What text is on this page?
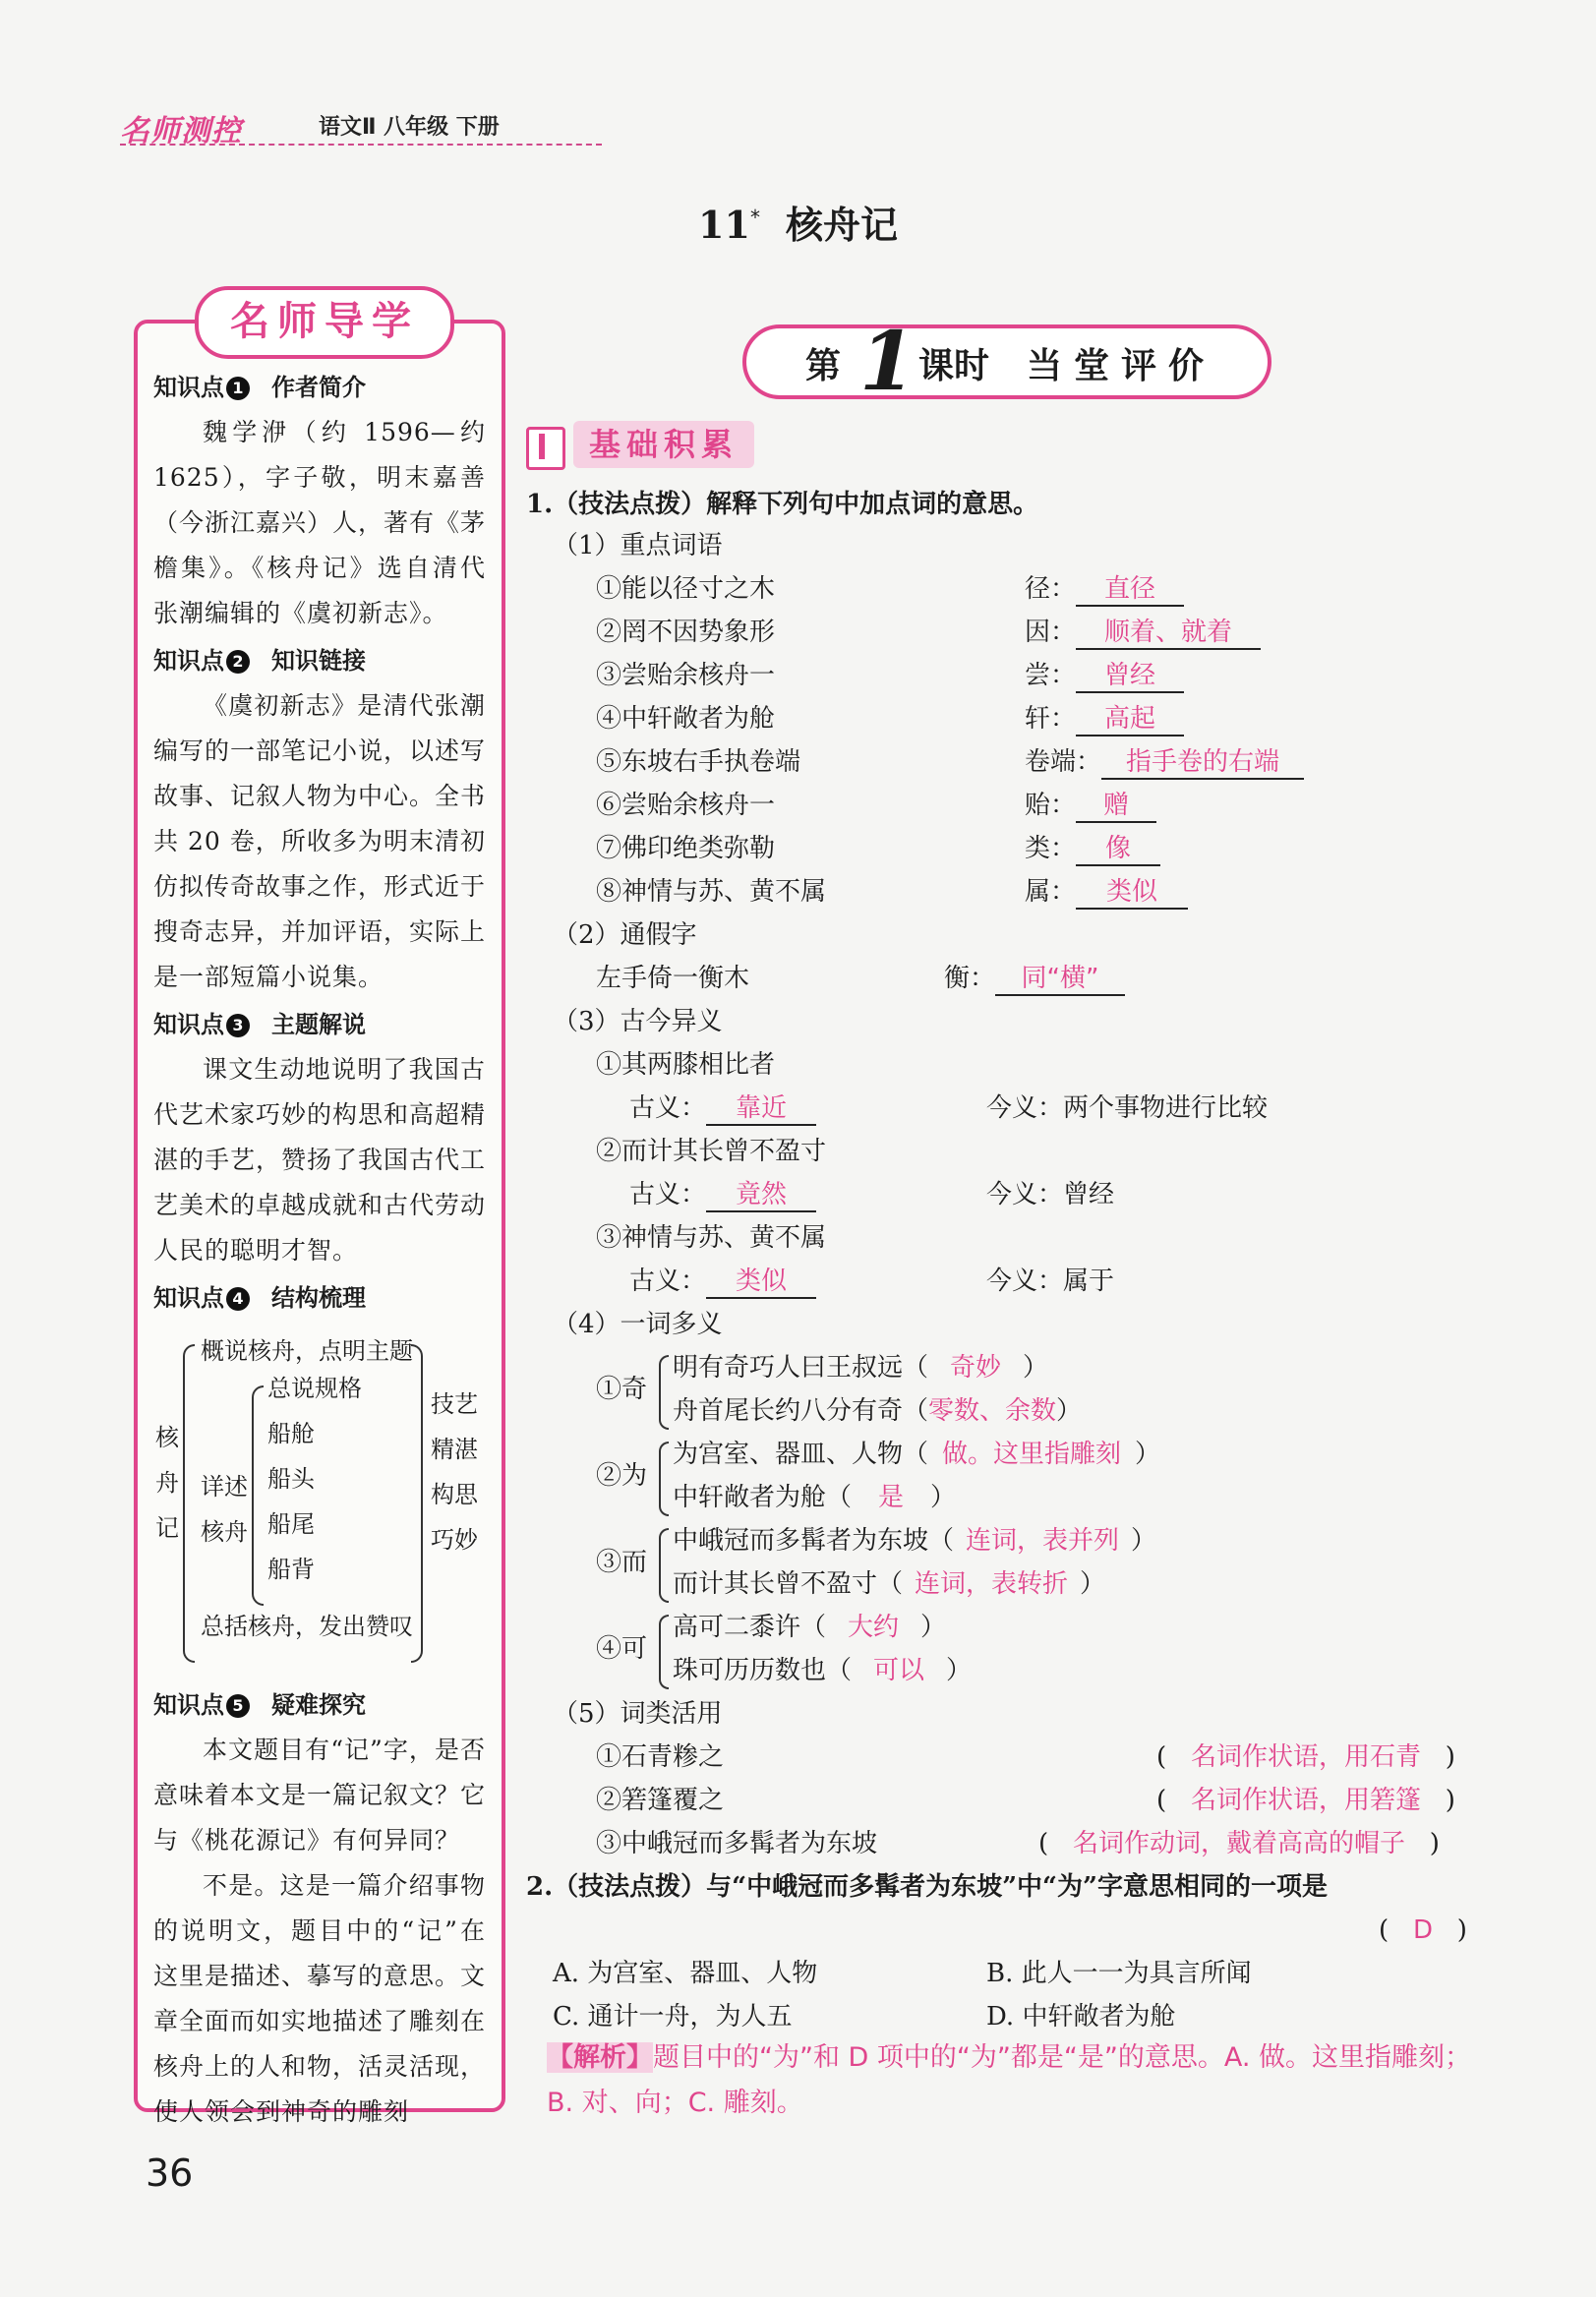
名师测控	语文Ⅱ 八年级 下册
11* 核舟记
名师导学
知识点 1 作者简介
魏学洢（约 1596—约1625），字子敬，明末嘉善（今浙江嘉兴）人，著有《茅檐集》。《核舟记》选自清代张潮编辑的《虞初新志》。
知识点 2 知识链接
《虞初新志》是清代张潮编写的一部笔记小说，以述写故事、记叙人物为中心。全书共 20 卷，所收多为明末清初仿拟传奇故事之作，形式近于搜奇志异，并加评语，实际上是一部短篇小说集。
知识点 3 主题解说
课文生动地说明了我国古代艺术家巧妙的构思和高超精湛的手艺，赞扬了我国古代工艺美术的卓越成就和古代劳动人民的聪明才智。
知识点 4 结构梳理
核舟记
概说核舟，点明主题
详述核舟
总说规格
船舱
船头
船尾
船背
总括核舟，发出赞叹
技艺精湛构思巧妙
知识点 5 疑难探究
本文题目有“记”字，是否意味着本文是一篇记叙文？它与《桃花源记》有何异同？
不是。这是一篇介绍事物的说明文，题目中的“记”在这里是描述、摹写的意思。文章全面而如实地描述了雕刻在核舟上的人和物，活灵活现，使人领会到神奇的雕刻
第 1 课时 当堂评价
基础积累
1.（技法点拨）解释下列句中加点词的意思。
（1）重点词语
①能以径寸之木	径： 直径
②罔不因势象形	因： 顺着、就着
③尝贻余核舟一	尝： 曾经
④中轩敞者为舱	轩： 高起
⑤东坡右手执卷端	卷端： 指手卷的右端
⑥尝贻余核舟一	贻： 赠
⑦佛印绝类弥勒	类： 像
⑧神情与苏、黄不属	属： 类似
（2）通假字
左手倚一衡木	衡： 同“横”
（3）古今异义
①其两膝相比者
古义： 靠近	今义：两个事物进行比较
②而计其长曾不盈寸
古义： 竟然	今义：曾经
③神情与苏、黄不属
古义： 类似	今义：属于
（4）一词多义
①奇
明有奇巧人曰王叔远（ 奇妙 ）
舟首尾长约八分有奇（零数、余数）
②为
为宫室、器皿、人物（ 做。这里指雕刻 ）
中轩敞者为舱（ 是 ）
③而
中峨冠而多髯者为东坡（ 连词，表并列 ）
而计其长曾不盈寸（ 连词，表转折 ）
④可
高可二黍许（ 大约 ）
珠可历历数也（ 可以 ）
（5）词类活用
①石青糁之	(   名词作状语，用石青   )
②箬篷覆之	(   名词作状语，用箬篷   )
③中峨冠而多髯者为东坡	(   名词作动词，戴着高高的帽子   )
2.（技法点拨）与“中峨冠而多髯者为东坡”中“为”字意思相同的一项是
(   D   )
A. 为宫室、器皿、人物	B. 此人一一为具言所闻
C. 通计一舟，为人五	D. 中轩敞者为舱
【解析】题目中的“为”和 D 项中的“为”都是“是”的意思。A. 做。这里指雕刻；B. 对、向；C. 雕刻。
36
